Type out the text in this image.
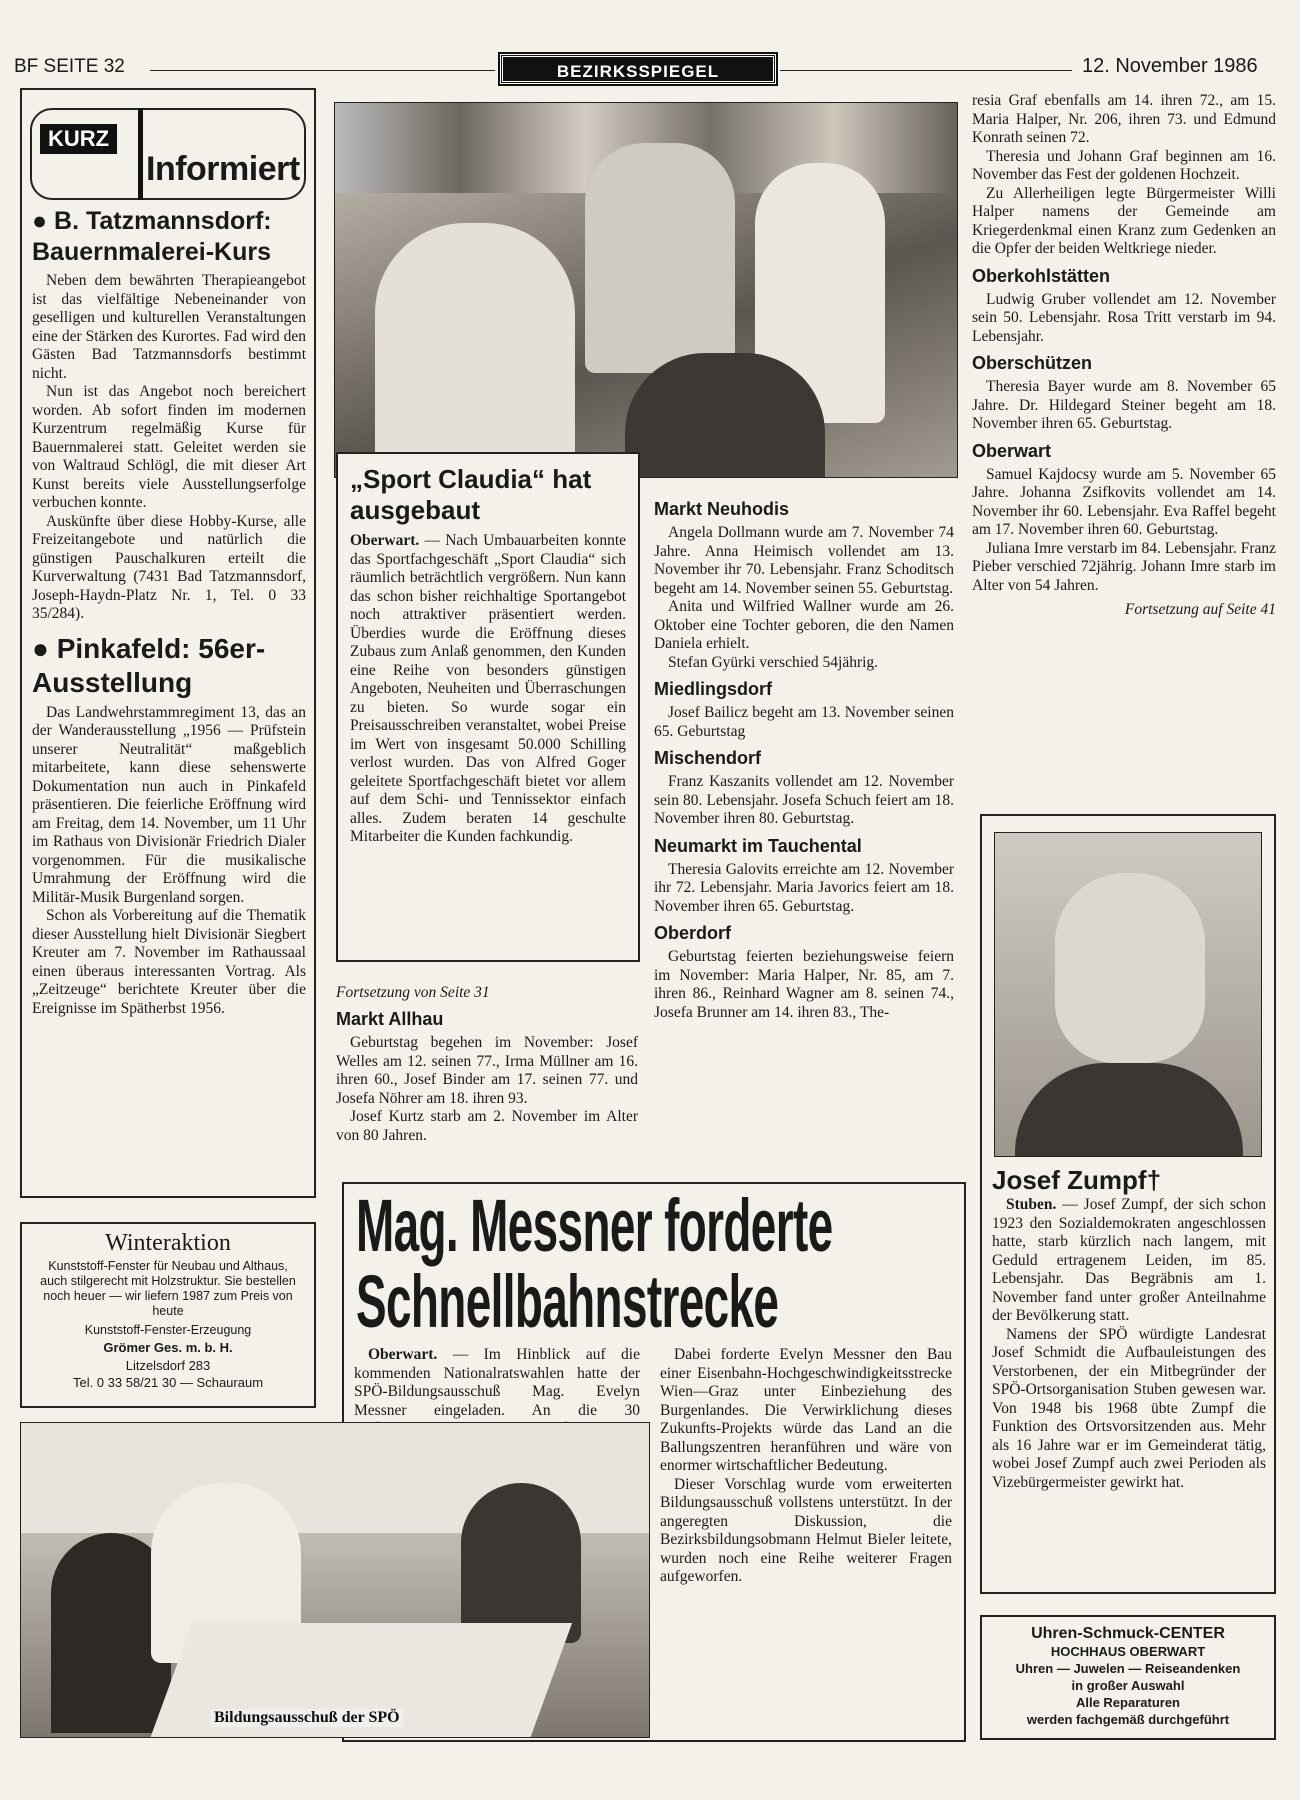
BF SEITE 32	BEZIRKSSPIEGEL	12. November 1986
KURZ
Informiert
● B. Tatzmannsdorf: Bauernmalerei-Kurs

Neben dem bewährten Therapieangebot ist das vielfältige Nebeneinander von geselligen und kulturellen Veranstaltungen eine der Stärken des Kurortes. Fad wird den Gästen Bad Tatzmannsdorfs bestimmt nicht.

Nun ist das Angebot noch bereichert worden. Ab sofort finden im modernen Kurzentrum regelmäßig Kurse für Bauernmalerei statt. Geleitet werden sie von Waltraud Schlögl, die mit dieser Art Kunst bereits viele Ausstellungserfolge verbuchen konnte.

Auskünfte über diese Hobby-Kurse, alle Freizeitangebote und natürlich die günstigen Pauschalkuren erteilt die Kurverwaltung (7431 Bad Tatzmannsdorf, Joseph-Haydn-Platz Nr. 1, Tel. 0 33 35/284).

● Pinkafeld: 56er-Ausstellung

Das Landwehrstammregiment 13, das an der Wanderausstellung „1956 — Prüfstein unserer Neutralität“ maßgeblich mitarbeitete, kann diese sehenswerte Dokumentation nun auch in Pinkafeld präsentieren. Die feierliche Eröffnung wird am Freitag, dem 14. November, um 11 Uhr im Rathaus von Divisionär Friedrich Dialer vorgenommen. Für die musikalische Umrahmung der Eröffnung wird die Militär-Musik Burgenland sorgen.

Schon als Vorbereitung auf die Thematik dieser Ausstellung hielt Divisionär Siegbert Kreuter am 7. November im Rathaussaal einen überaus interessanten Vortrag. Als „Zeitzeuge“ berichtete Kreuter über die Ereignisse im Spätherbst 1956.

Winteraktion
Kunststoff-Fenster für Neubau und Althaus, auch stilgerecht mit Holzstruktur. Sie bestellen noch heuer — wir liefern 1987 zum Preis von heute
Kunststoff-Fenster-Erzeugung
Grömer Ges. m. b. H.
Litzelsdorf 283
Tel. 0 33 58/21 30 — Schauraum
„Sport Claudia“ hat ausgebaut

Oberwart. — Nach Umbauarbeiten konnte das Sportfachgeschäft „Sport Claudia“ sich räumlich beträchtlich vergrößern. Nun kann das schon bisher reichhaltige Sportangebot noch attraktiver präsentiert werden. Überdies wurde die Eröffnung dieses Zubaus zum Anlaß genommen, den Kunden eine Reihe von besonders günstigen Angeboten, Neuheiten und Überraschungen zu bieten. So wurde sogar ein Preisausschreiben veranstaltet, wobei Preise im Wert von insgesamt 50.000 Schilling verlost wurden. Das von Alfred Goger geleitete Sportfachgeschäft bietet vor allem auf dem Schi- und Tennissektor einfach alles. Zudem beraten 14 geschulte Mitarbeiter die Kunden fachkundig.

Fortsetzung von Seite 31
Markt Allhau

Geburtstag begehen im November: Josef Welles am 12. seinen 77., Irma Müllner am 16. ihren 60., Josef Binder am 17. seinen 77. und Josefa Nöhrer am 18. ihren 93.

Josef Kurtz starb am 2. November im Alter von 80 Jahren.

Markt Neuhodis

Angela Dollmann wurde am 7. November 74 Jahre. Anna Heimisch vollendet am 13. November ihr 70. Lebensjahr. Franz Schoditsch begeht am 14. November seinen 55. Geburtstag.

Anita und Wilfried Wallner wurde am 26. Oktober eine Tochter geboren, die den Namen Daniela erhielt.

Stefan Gyürki verschied 54jährig.

Miedlingsdorf

Josef Bailicz begeht am 13. November seinen 65. Geburtstag

Mischendorf

Franz Kaszanits vollendet am 12. November sein 80. Lebensjahr. Josefa Schuch feiert am 18. November ihren 80. Geburtstag.

Neumarkt im Tauchental

Theresia Galovits erreichte am 12. November ihr 72. Lebensjahr. Maria Javorics feiert am 18. November ihren 65. Geburtstag.

Oberdorf

Geburtstag feierten beziehungsweise feiern im November: Maria Halper, Nr. 85, am 7. ihren 86., Reinhard Wagner am 8. seinen 74., Josefa Brunner am 14. ihren 83., The-

resia Graf ebenfalls am 14. ihren 72., am 15. Maria Halper, Nr. 206, ihren 73. und Edmund Konrath seinen 72.

Theresia und Johann Graf beginnen am 16. November das Fest der goldenen Hochzeit.

Zu Allerheiligen legte Bürgermeister Willi Halper namens der Gemeinde am Kriegerdenkmal einen Kranz zum Gedenken an die Opfer der beiden Weltkriege nieder.

Oberkohlstätten

Ludwig Gruber vollendet am 12. November sein 50. Lebensjahr. Rosa Tritt verstarb im 94. Lebensjahr.

Oberschützen

Theresia Bayer wurde am 8. November 65 Jahre. Dr. Hildegard Steiner begeht am 18. November ihren 65. Geburtstag.

Oberwart

Samuel Kajdocsy wurde am 5. November 65 Jahre. Johanna Zsifkovits vollendet am 14. November ihr 60. Lebensjahr. Eva Raffel begeht am 17. November ihren 60. Geburtstag.

Juliana Imre verstarb im 84. Lebensjahr. Franz Pieber verschied 72jährig. Johann Imre starb im Alter von 54 Jahren.

Fortsetzung auf Seite 41
Josef Zumpf†

Stuben. — Josef Zumpf, der sich schon 1923 den Sozialdemokraten angeschlossen hatte, starb kürzlich nach langem, mit Geduld ertragenem Leiden, im 85. Lebensjahr. Das Begräbnis am 1. November fand unter großer Anteilnahme der Bevölkerung statt.

Namens der SPÖ würdigte Landesrat Josef Schmidt die Aufbauleistungen des Verstorbenen, der ein Mitbegründer der SPÖ-Ortsorganisation Stuben gewesen war. Von 1948 bis 1968 übte Zumpf die Funktion des Ortsvorsitzenden aus. Mehr als 16 Jahre war er im Gemeinderat tätig, wobei Josef Zumpf auch zwei Perioden als Vizebürgermeister gewirkt hat.

Uhren-Schmuck-CENTER
HOCHHAUS OBERWART
Uhren — Juwelen — Reiseandenken
in großer Auswahl
Alle Reparaturen
werden fachgemäß durchgeführt
Mag. Messner forderte
Schnellbahnstrecke

Oberwart. — Im Hinblick auf die kommenden Nationalratswahlen hatte der SPÖ-Bildungsausschuß Mag. Evelyn Messner eingeladen. An die 30

Dabei forderte Evelyn Messner den Bau einer Eisenbahn-Hochgeschwindigkeitsstrecke Wien—Graz unter Einbeziehung des Burgenlandes. Die Verwirklichung dieses Zukunfts-Projekts würde das Land an die Ballungszentren heranführen und wäre von enormer wirtschaftlicher Bedeutung.

Dieser Vorschlag wurde vom erweiterten Bildungsausschuß vollstens unterstützt. In der angeregten Diskussion, die Bezirksbildungsobmann Helmut Bieler leitete, wurden noch eine Reihe weiterer Fragen aufgeworfen.

Bildungsausschuß der SPÖ
